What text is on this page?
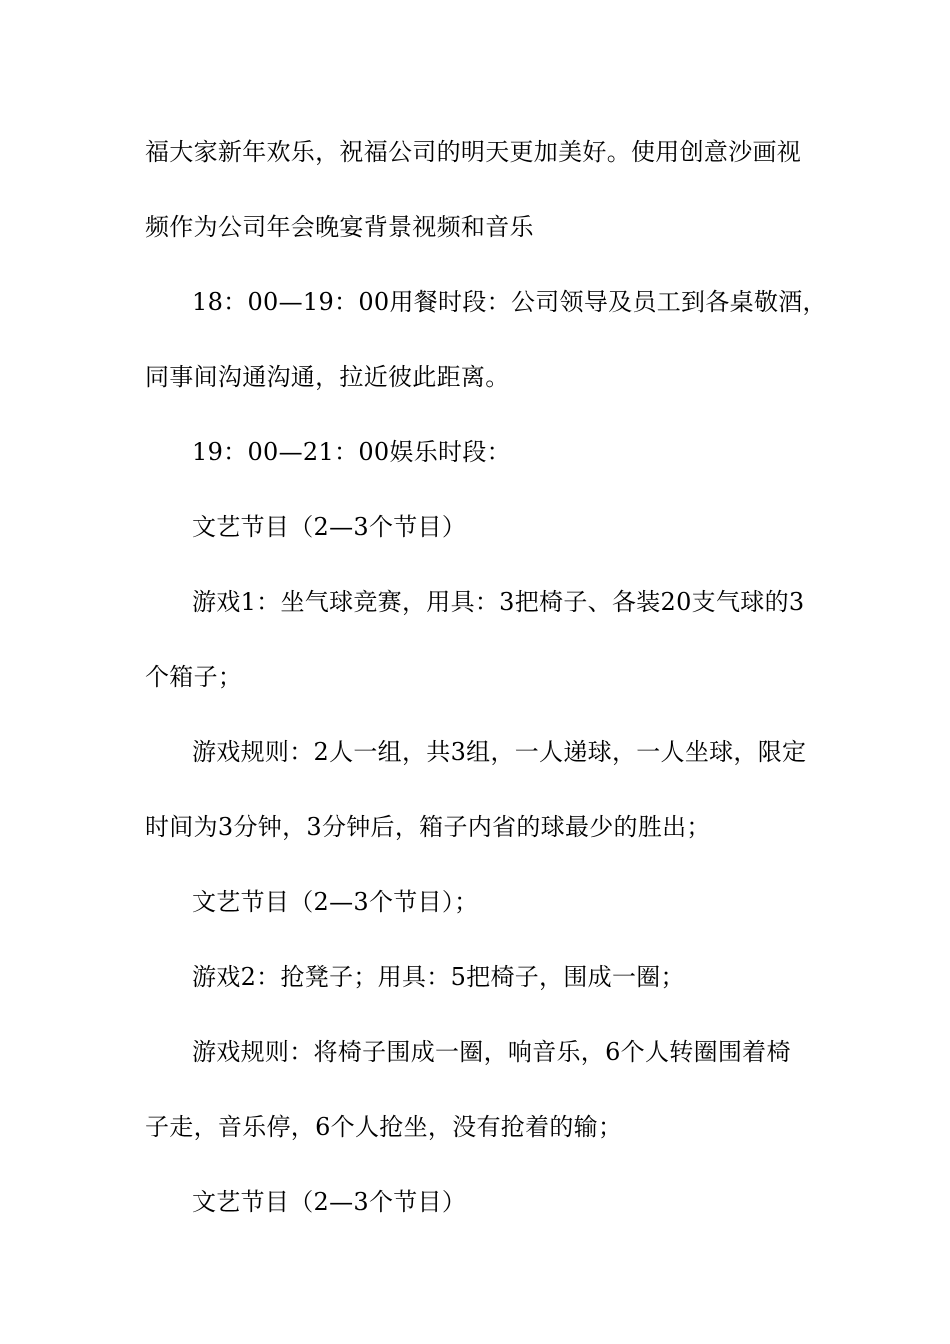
福大家新年欢乐，祝福公司的明天更加美好。使用创意沙画视
频作为公司年会晚宴背景视频和音乐
18：00—19：00用餐时段：公司领导及员工到各桌敬酒，
同事间沟通沟通，拉近彼此距离。
19：00—21：00娱乐时段：
文艺节目（2—3个节目）
游戏1：坐气球竞赛，用具：3把椅子、各装20支气球的3
个箱子；
游戏规则：2人一组，共3组，一人递球，一人坐球，限定
时间为3分钟，3分钟后，箱子内省的球最少的胜出；
文艺节目（2—3个节目）；
游戏2：抢凳子；用具：5把椅子，围成一圈；
游戏规则：将椅子围成一圈，响音乐，6个人转圈围着椅
子走，音乐停，6个人抢坐，没有抢着的输；
文艺节目（2—3个节目）
